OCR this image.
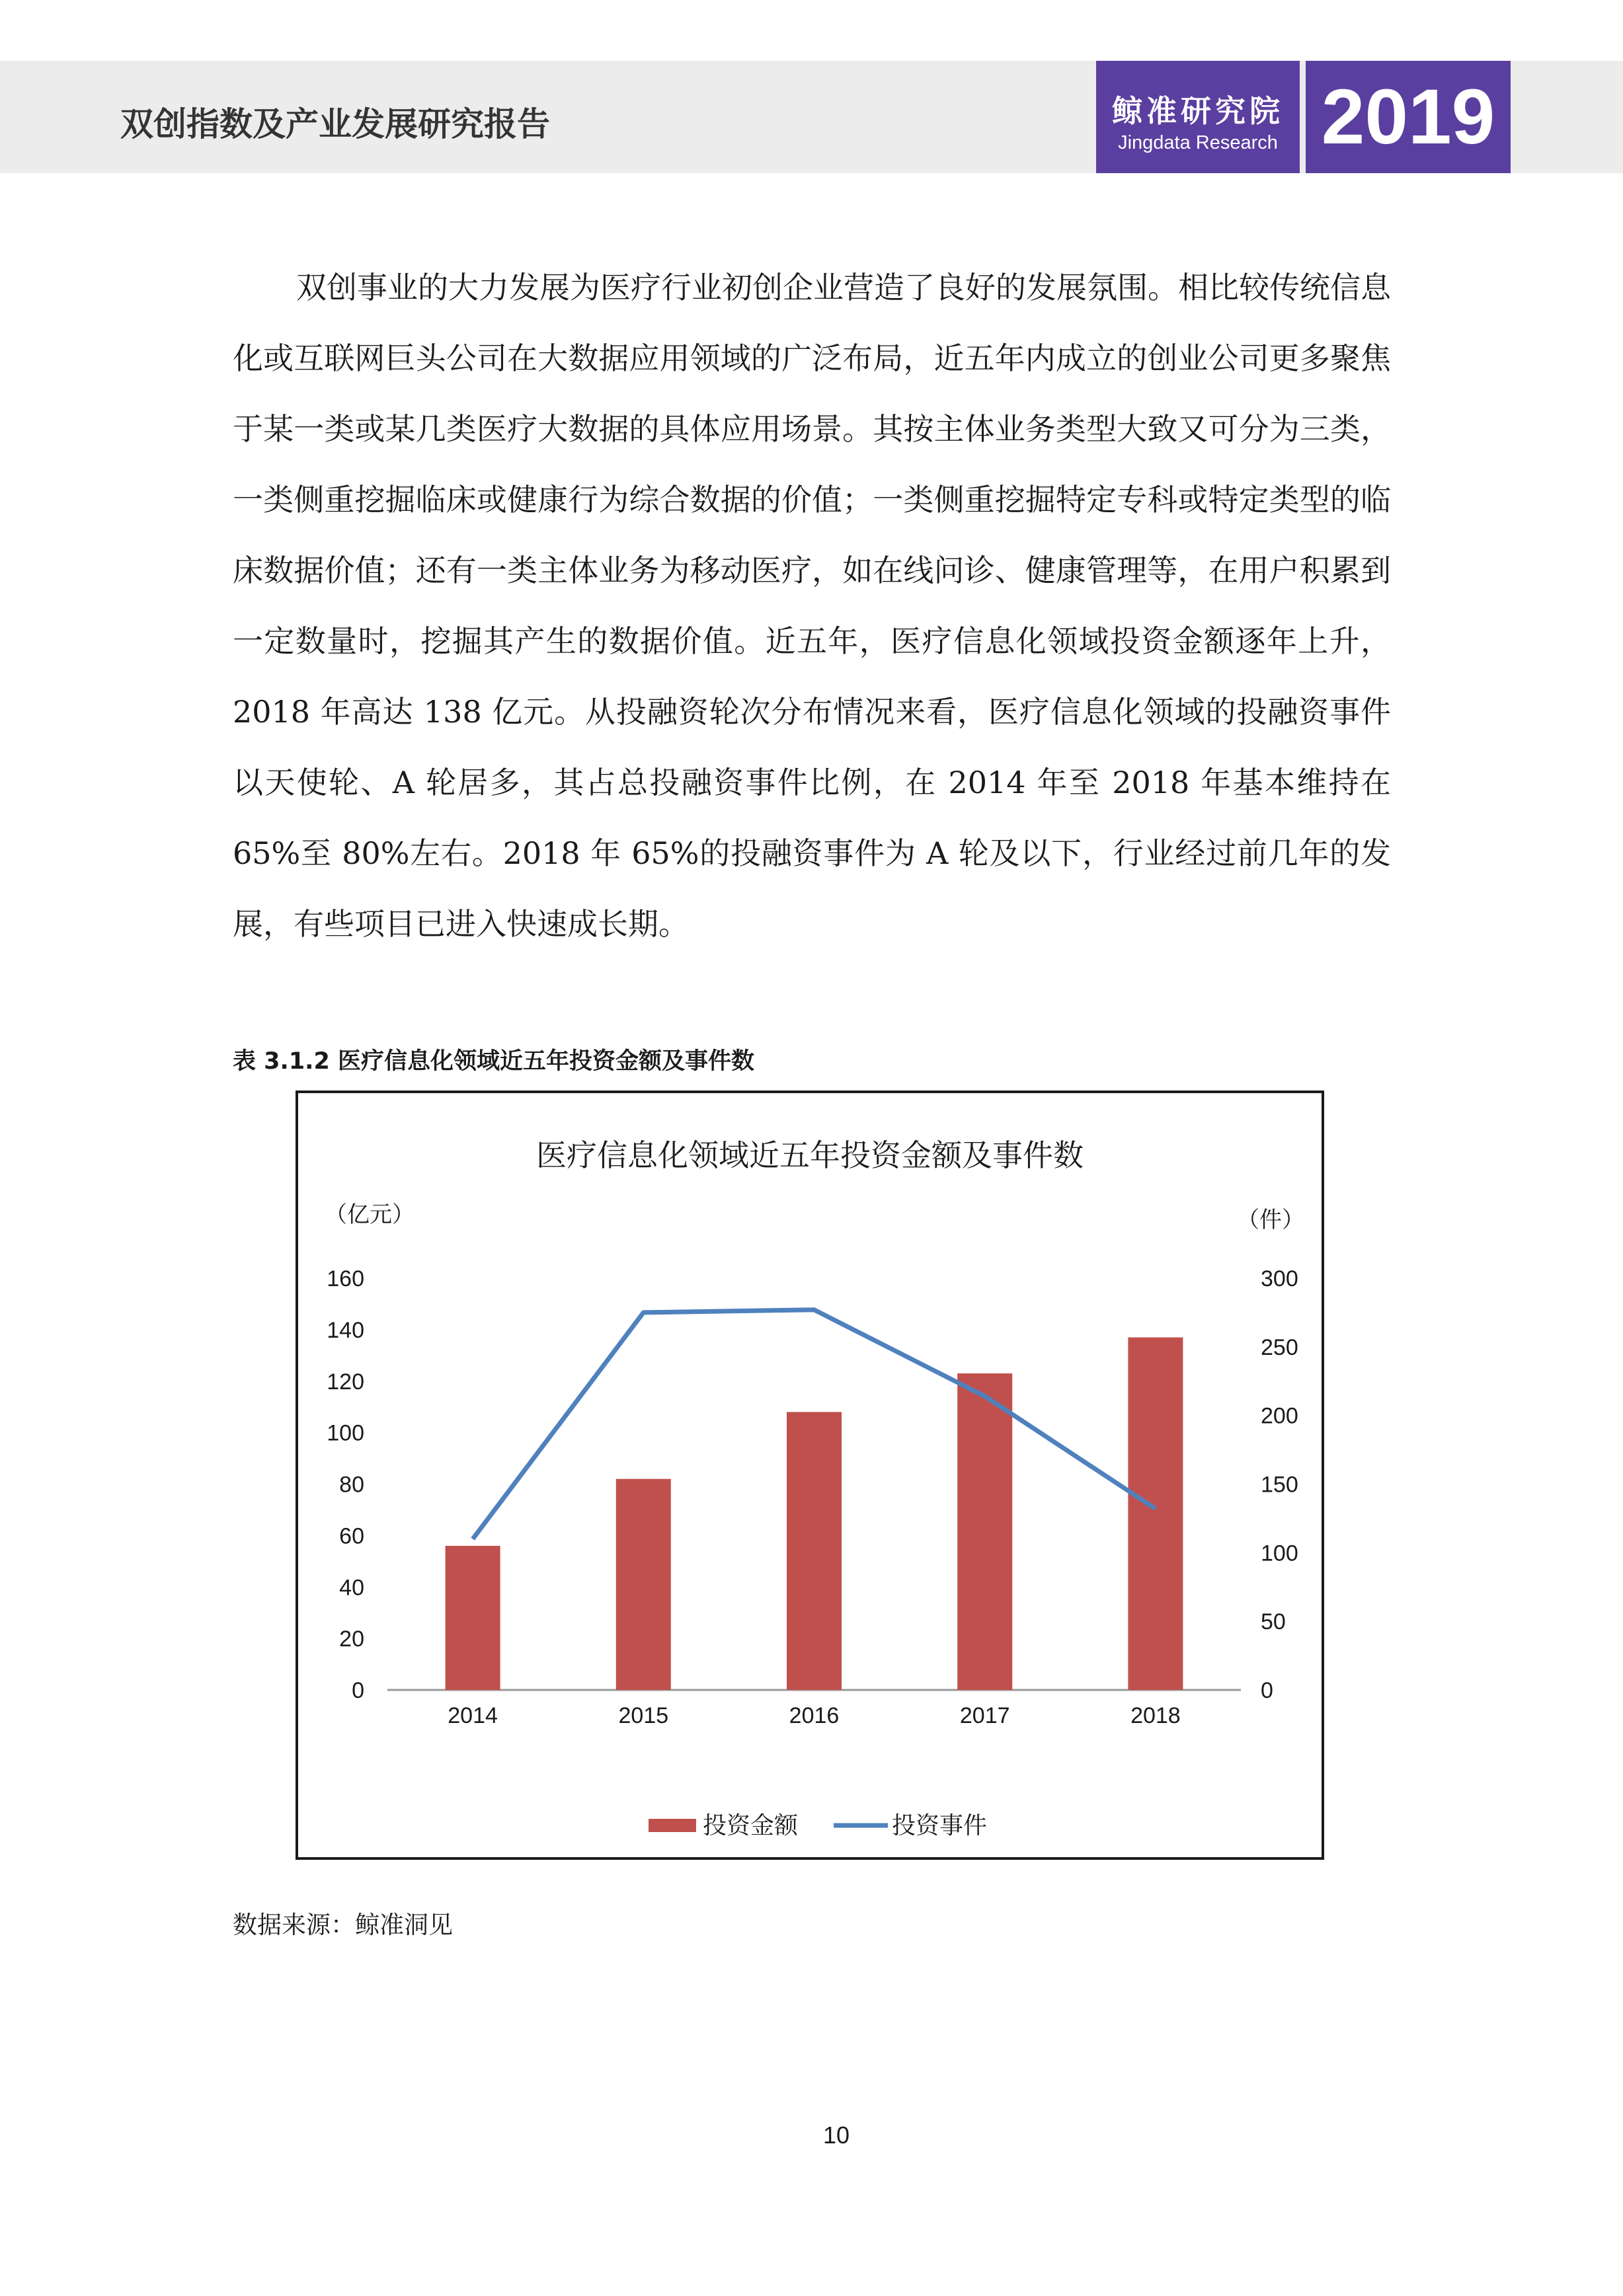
双创指数及产业发展研究报告	鲸准研究院
Jingdata Research 2019
双创事业的大力发展为医疗行业初创企业营造了良好的发展氛围。相比较传统信息化或互联网巨头公司在大数据应用领域的广泛布局，近五年内成立的创业公司更多聚焦于某一类或某几类医疗大数据的具体应用场景。其按主体业务类型大致又可分为三类，一类侧重挖掘临床或健康行为综合数据的价值；一类侧重挖掘特定专科或特定类型的临床数据价值；还有一类主体业务为移动医疗，如在线问诊、健康管理等，在用户积累到一定数量时，挖掘其产生的数据价值。近五年，医疗信息化领域投资金额逐年上升，2018 年高达 138 亿元。从投融资轮次分布情况来看，医疗信息化领域的投融资事件以天使轮、A 轮居多，其占总投融资事件比例，在 2014 年至 2018 年基本维持在 65%至 80%左右。2018 年 65%的投融资事件为 A 轮及以下，行业经过前几年的发展，有些项目已进入快速成长期。
表 3.1.2 医疗信息化领域近五年投资金额及事件数
医疗信息化领域近五年投资金额及事件数
（亿元）	（件）
0
20
40
60
80
100
120
140
160
0
50
100
150
200
250
300
2014	2015	2016	2017	2018
投资金额	投资事件
数据来源：鲸准洞见
10
